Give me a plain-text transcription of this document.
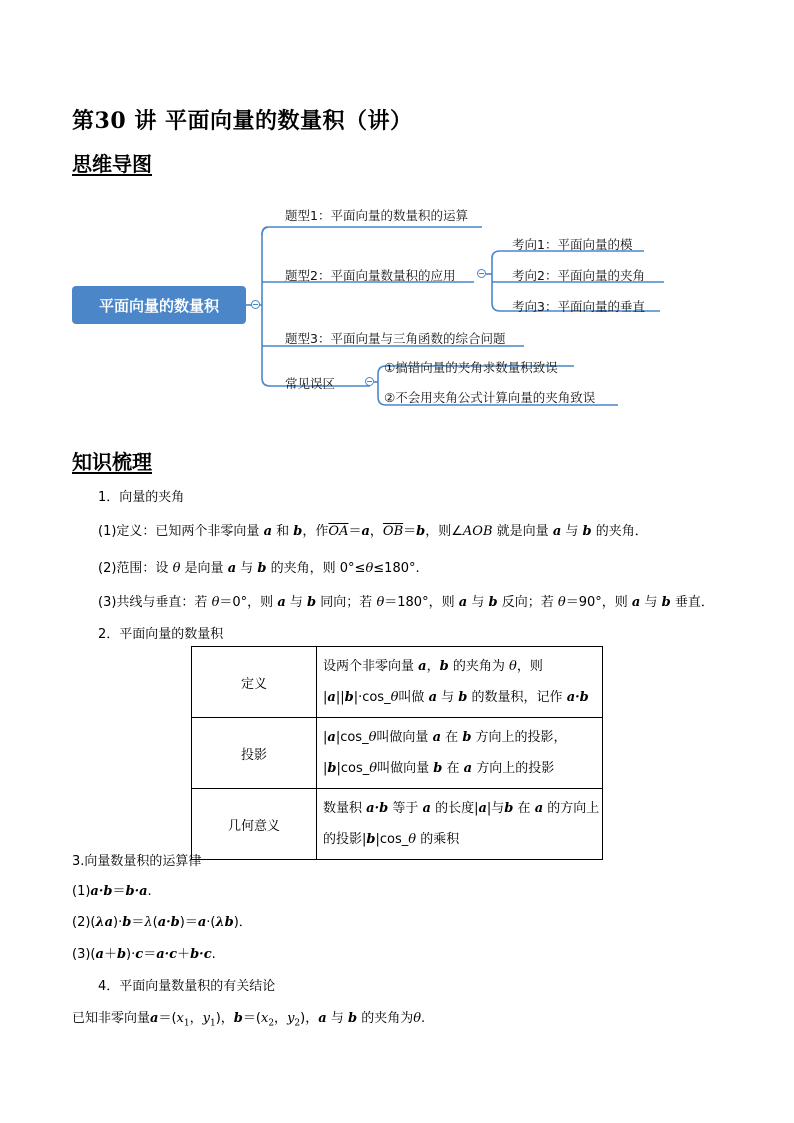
第30 讲 平面向量的数量积（讲）
思维导图
平面向量的数量积
题型1：平面向量的数量积的运算
题型2：平面向量数量积的应用
题型3：平面向量与三角函数的综合问题
常见误区
考向1：平面向量的模
考向2：平面向量的夹角
考向3：平面向量的垂直
①搞错向量的夹角求数量积致误
②不会用夹角公式计算向量的夹角致误
知识梳理
1．向量的夹角
(1)定义：已知两个非零向量 a 和 b，作$\overline{OA}=a$，$\overline{OB}=b$，则∠AOB 就是向量 a 与 b 的夹角．
(2)范围：设 θ 是向量 a 与 b 的夹角，则 0°≤θ≤180°.
(3)共线与垂直：若 θ＝0°，则 a 与 b 同向；若 θ＝180°，则 a 与 b 反向；若 θ＝90°，则 a 与 b 垂直．
2．平面向量的数量积
定义	设两个非零向量 a，b 的夹角为 θ，则
|a||b|·cos_θ叫做 a 与 b 的数量积，记作 a·b

投影	|a|cos_θ叫做向量 a 在 b 方向上的投影，
|b|cos_θ叫做向量 b 在 a 方向上的投影

几何意义	数量积 a·b 等于 a 的长度|a|与b 在 a 的方向上
的投影|b|cos_θ 的乘积
3.向量数量积的运算律
(1)a·b＝b·a.
(2)(λa)·b＝λ(a·b)＝a·(λb)．
(3)(a＋b)·c＝a·c＋b·c.
4．平面向量数量积的有关结论
已知非零向量$a=(x_1$，$y_1$)，$b=(x_2$，$y_2$)，a 与 b 的夹角为θ.
